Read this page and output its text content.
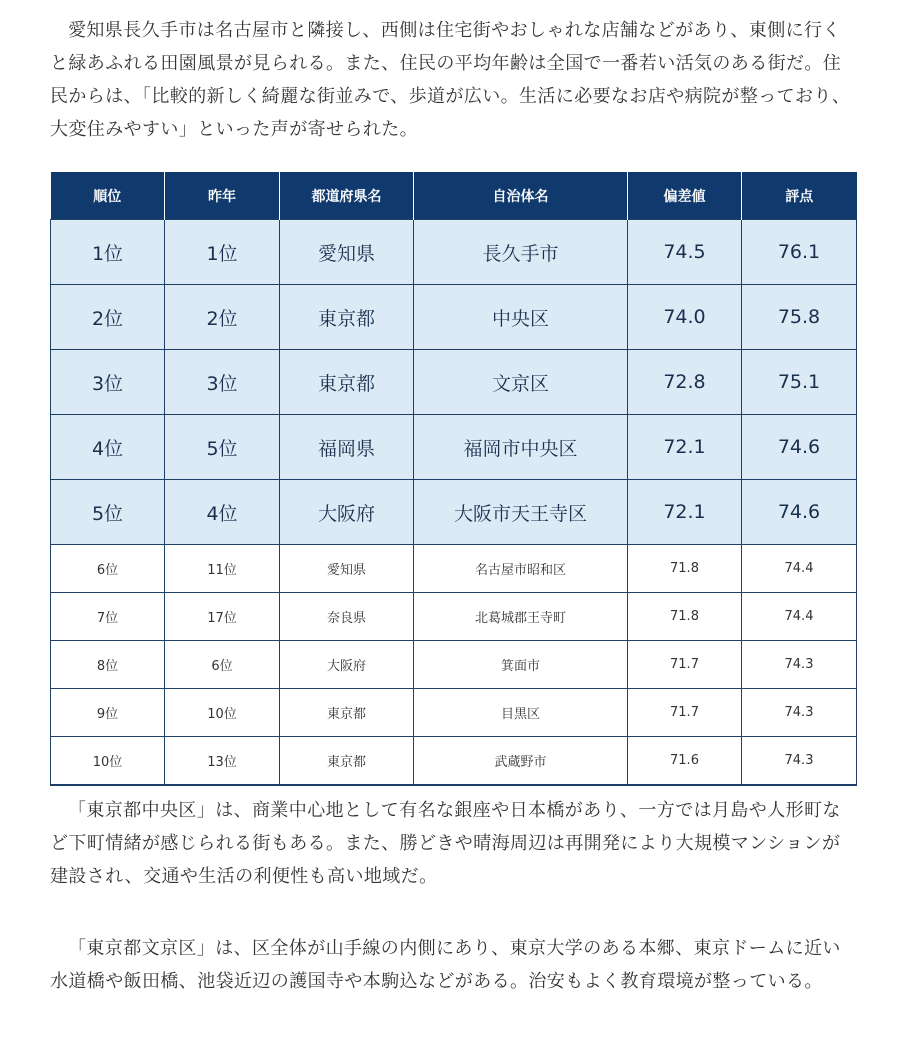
愛知県長久手市は名古屋市と隣接し、西側は住宅街やおしゃれな店舗などがあり、東側に行くと緑あふれる田園風景が見られる。また、住民の平均年齢は全国で一番若い活気のある街だ。住民からは、「比較的新しく綺麗な街並みで、歩道が広い。生活に必要なお店や病院が整っており、大変住みやすい」といった声が寄せられた。

順位	昨年	都道府県名	自治体名	偏差値	評点
1位	1位	愛知県	長久手市	74.5	76.1
2位	2位	東京都	中央区	74.0	75.8
3位	3位	東京都	文京区	72.8	75.1
4位	5位	福岡県	福岡市中央区	72.1	74.6
5位	4位	大阪府	大阪市天王寺区	72.1	74.6
6位	11位	愛知県	名古屋市昭和区	71.8	74.4
7位	17位	奈良県	北葛城郡王寺町	71.8	74.4
8位	6位	大阪府	箕面市	71.7	74.3
9位	10位	東京都	目黒区	71.7	74.3
10位	13位	東京都	武蔵野市	71.6	74.3

「東京都中央区」は、商業中心地として有名な銀座や日本橋があり、一方では月島や人形町など下町情緒が感じられる街もある。また、勝どきや晴海周辺は再開発により大規模マンションが建設され、交通や生活の利便性も高い地域だ。

「東京都文京区」は、区全体が山手線の内側にあり、東京大学のある本郷、東京ドームに近い水道橋や飯田橋、池袋近辺の護国寺や本駒込などがある。治安もよく教育環境が整っている。
